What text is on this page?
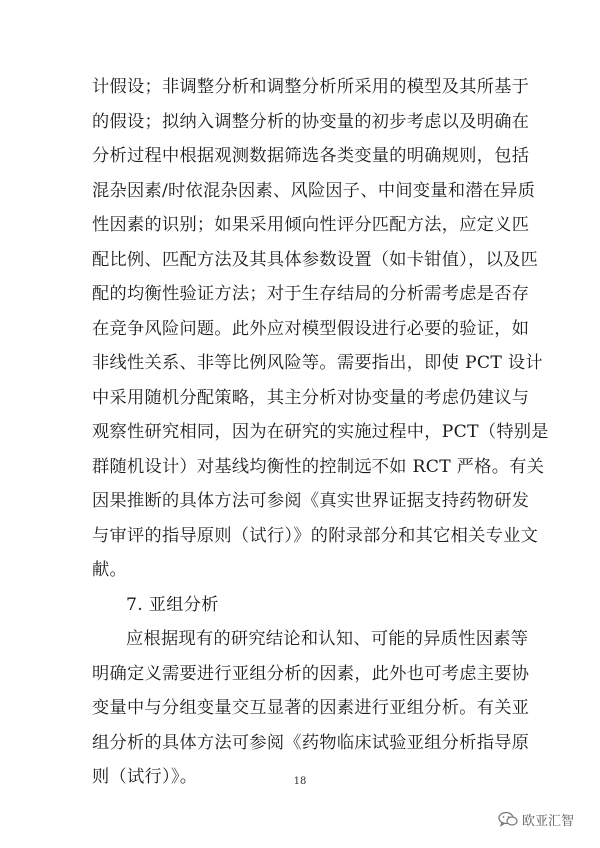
计假设；非调整分析和调整分析所采用的模型及其所基于
的假设；拟纳入调整分析的协变量的初步考虑以及明确在
分析过程中根据观测数据筛选各类变量的明确规则，包括
混杂因素/时依混杂因素、风险因子、中间变量和潜在异质
性因素的识别；如果采用倾向性评分匹配方法，应定义匹
配比例、匹配方法及其具体参数设置（如卡钳值），以及匹
配的均衡性验证方法；对于生存结局的分析需考虑是否存
在竞争风险问题。此外应对模型假设进行必要的验证，如
非线性关系、非等比例风险等。需要指出，即使 PCT 设计
中采用随机分配策略，其主分析对协变量的考虑仍建议与
观察性研究相同，因为在研究的实施过程中，PCT（特别是
群随机设计）对基线均衡性的控制远不如 RCT 严格。有关
因果推断的具体方法可参阅《真实世界证据支持药物研发
与审评的指导原则（试行）》的附录部分和其它相关专业文
献。
7. 亚组分析
应根据现有的研究结论和认知、可能的异质性因素等
明确定义需要进行亚组分析的因素，此外也可考虑主要协
变量中与分组变量交互显著的因素进行亚组分析。有关亚
组分析的具体方法可参阅《药物临床试验亚组分析指导原
则（试行）》。	18
欧亚汇智
